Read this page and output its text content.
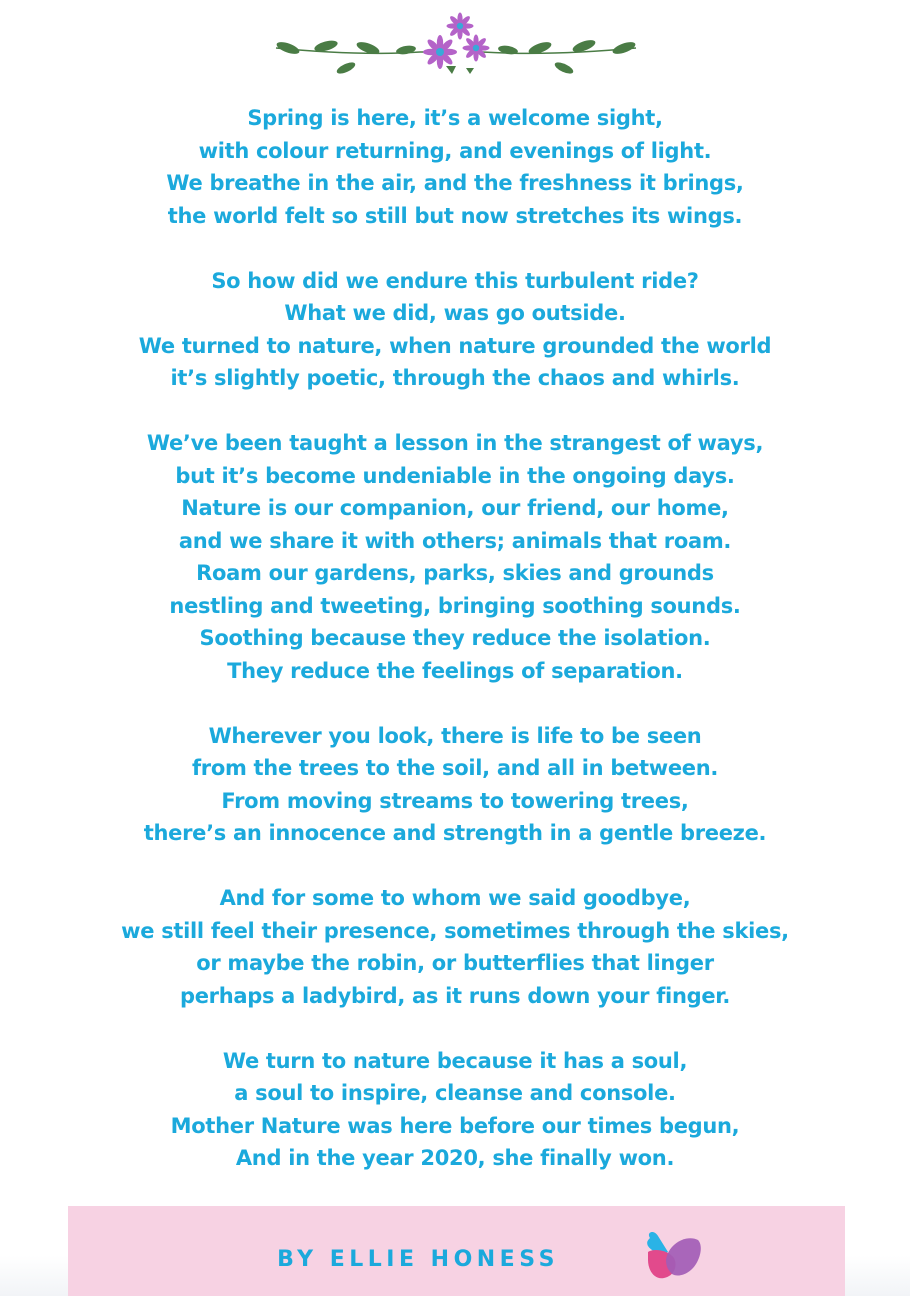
Spring is here, it’s a welcome sight,
with colour returning, and evenings of light.
We breathe in the air, and the freshness it brings,
the world felt so still but now stretches its wings.
So how did we endure this turbulent ride?
What we did, was go outside.
We turned to nature, when nature grounded the world
it’s slightly poetic, through the chaos and whirls.
We’ve been taught a lesson in the strangest of ways,
but it’s become undeniable in the ongoing days.
Nature is our companion, our friend, our home,
and we share it with others; animals that roam.
Roam our gardens, parks, skies and grounds
nestling and tweeting, bringing soothing sounds.
Soothing because they reduce the isolation.
They reduce the feelings of separation.
Wherever you look, there is life to be seen
from the trees to the soil, and all in between.
From moving streams to towering trees,
there’s an innocence and strength in a gentle breeze.
And for some to whom we said goodbye,
we still feel their presence, sometimes through the skies,
or maybe the robin, or butterflies that linger
perhaps a ladybird, as it runs down your finger.
We turn to nature because it has a soul,
a soul to inspire, cleanse and console.
Mother Nature was here before our times begun,
And in the year 2020, she finally won.
BY ELLIE HONESS
